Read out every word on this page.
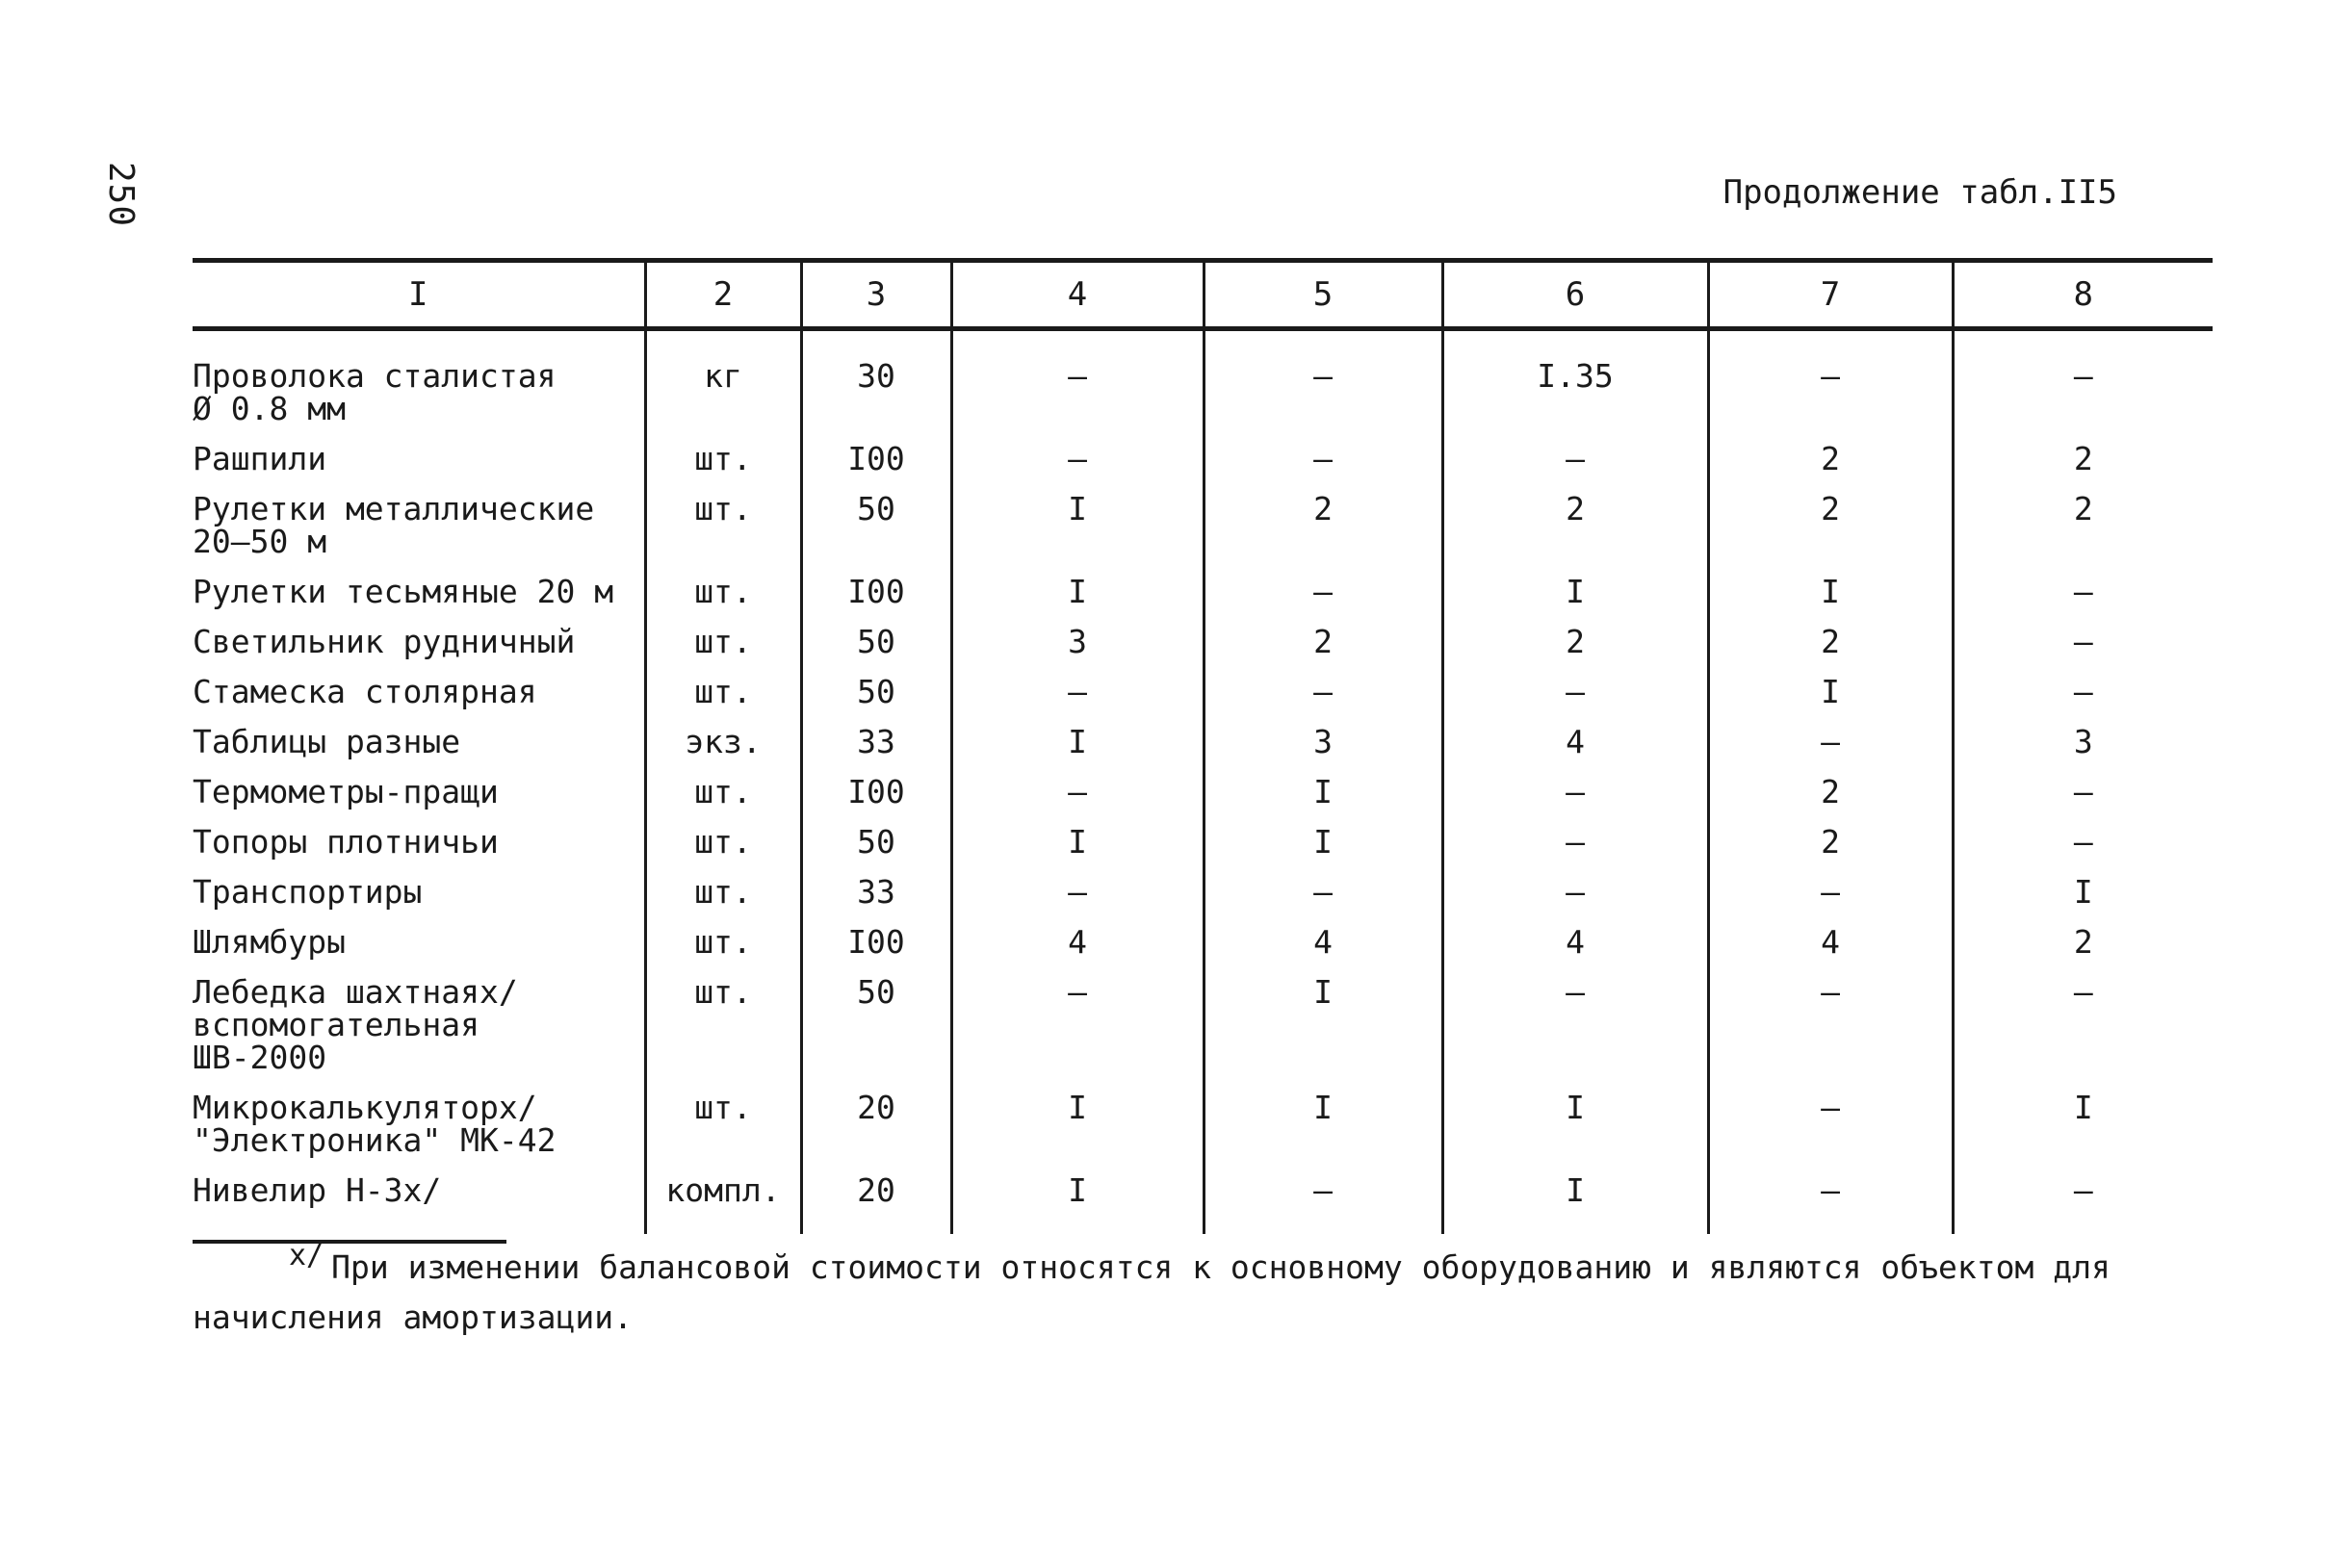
250	Продолжение табл.II5
I	2	3	4	5	6	7	8
Проволока сталистая
Ø 0.8 мм	кг	30	–	–	I.35	–	–
Рашпили	шт.	I00	–	–	–	2	2
Рулетки металлические
20–50 м	шт.	50	I	2	2	2	2
Рулетки тесьмяные 20 м	шт.	I00	I	–	I	I	–
Светильник рудничный	шт.	50	3	2	2	2	–
Стамеска столярная	шт.	50	–	–	–	I	–
Таблицы разные	экз.	33	I	3	4	–	3
Термометры-пращи	шт.	I00	–	I	–	2	–
Топоры плотничьи	шт.	50	I	I	–	2	–
Транспортиры	шт.	33	–	–	–	–	I
Шлямбуры	шт.	I00	4	4	4	4	2
Лебедка шахтнаяx/
вспомогательная
ШВ-2000	шт.	50	–	I	–	–	–
Микрокалькуляторx/
"Электроника" МК-42	шт.	20	I	I	I	–	I
Нивелир Н-3x/	компл.	20	I	–	I	–	–
x/ При изменении балансовой стоимости относятся к основному оборудованию и являются объектом для начисления амортизации.
